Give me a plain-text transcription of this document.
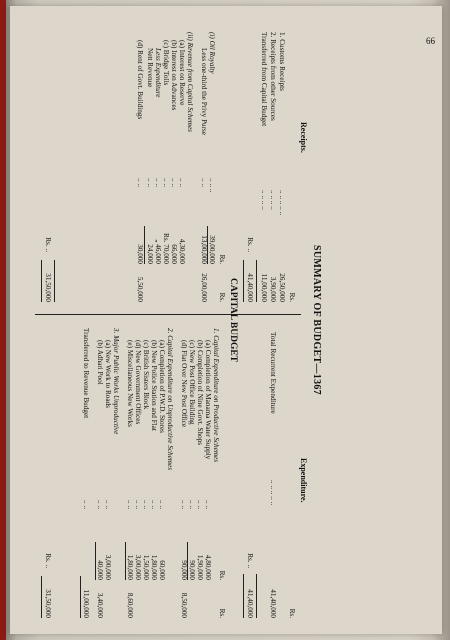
66
SUMMARY OF BUDGET—1367
Receipts.
Expenditure.
Rs.
Rs.
1. Customs Receipts
.. .. .. .. ..
26,50,000
2. Receipts from other Sources
.. .. .. ..
3,90,000
Transferred from Capital Budget
.. .. .. ..
11,00,000
Rs. ..
41,40,000
Total Recurrent Expenditure
.. .. .. .. ..
41,40,000
Rs. ..
41,40,000
CAPITAL BUDGET
Rs.
Rs.
Rs.
Rs.
(i) Oil Royalty
.. .. ..
39,00,000
Less one-third the Privy Purse
.. ..
13,00,000
26,00,000
(ii) Revenue from Capital Schemes
(a) Interest on Reserve
.. ..
4,30,000
(b) Interest on Advances
.. ..
66,000
(c) Bridge Tolls
.. ..
Rs. 70,000
Less Expenditure
.. ..
„ 46,000
Nett Revenue
.. ..
24,000
(d) Rent of Govt. Buildings
.. ..
30,000
5,50,000
Rs. ..
31,50,000
1. Capital Expenditure on Productive Schemes
(a) Completion of Manama Water Supply
.. ..
4,80,000
(b) Completion of Nine Govt. Shops
.. ..
1,90,000
(c) New Post Office Building
.. ..
90,000
(d) Flat Over New Post Office
.. ..
90,000
8,50,000
2. Capital Expenditure on Unproductive Schemes
(a) Completion of P.W.D. Stores
.. ..
60,000
(b) New Police Station and Flat
.. ..
1,80,000
(c) British Sisters Block
.. ..
1,50,000
(d) New Government Offices
.. ..
3,00,000
(e) Miscellaneous New Works
.. ..
1,80,000
8,60,000
3. Major Public Works Unproductive
(a) New Work to Roads
.. ..
3,00,000
(b) Adhari Pool
.. ..
40,000
3,40,000
Transferred to Revenue Budget
.. ..
11,00,000
Rs. ..
31,50,000
